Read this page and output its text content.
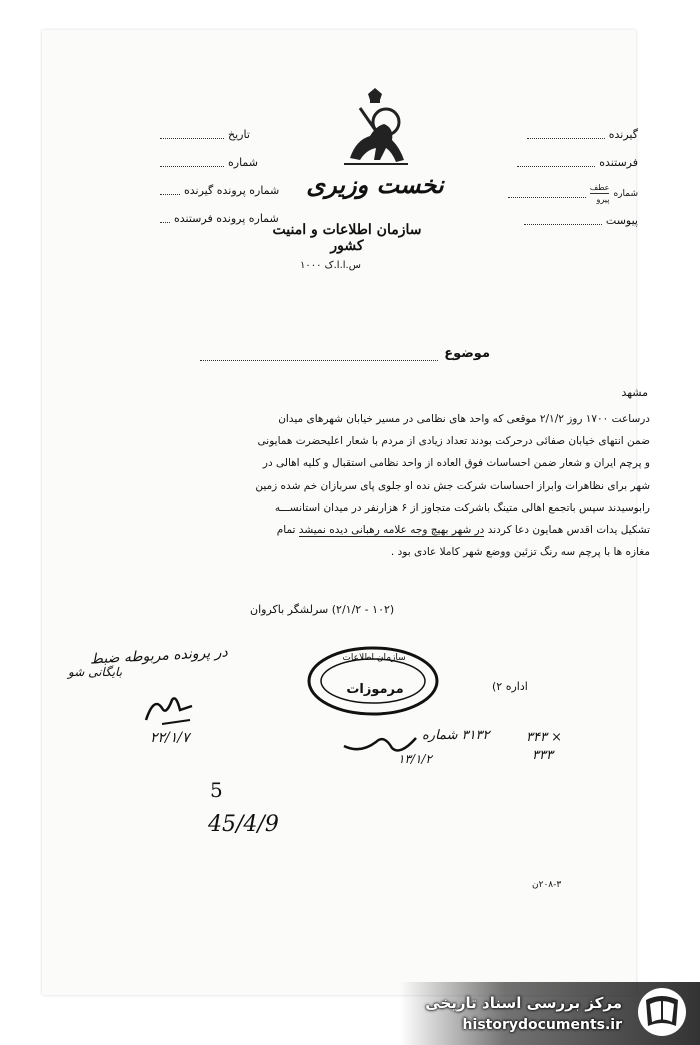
گیرنده
فرستنده
شماره
عطف
پیرو
پیوست
تاریخ
شماره
شماره پرونده گیرنده
شماره پرونده فرستنده
نخست وزیری
سازمان اطلاعات و امنیت کشور
س.ا.ا.ک ۱۰۰۰
موضوع
مشهد
درساعت ۱۷۰۰ روز ۲/۱/۲ موقعی که واحد های نظامی در مسیر خیابان شهرهای میدان
ضمن انتهای خیابان صفائی درحرکت بودند تعداد زیادی از مردم با شعار اعلیحضرت همایونی
و پرچم ایران و شعار ضمن احساسات فوق العاده از واحد نظامی استقبال و کلیه اهالی در
شهر برای نظاهرات وابراز احساسات شرکت جش نده او جلوی پای سربازان خم شده زمین
رابوسیدند سپس باتجمع اهالی متینگ باشرکت متجاوز از ۶ هزارنفر در میدان استانســـه
تشکیل یدات اقدس همایون دعا کردند در شهر بهیچ وجه علامه رهبانی دیده نمیشد تمام
مغازه ها با پرچم سه رنگ تزئین ووضع شهر کاملا عادی بود .
(۱۰۲ - ۲/۱/۲) سرلشگر باکروان
در پرونده مربوطه ضبط
بایگانی شو
اداره ۲)
۲۲/۱/۷
سازمان اطلاعات
مرموزات
۳۱۳۲ شماره
۱۳/۱/۲
۳۴۳ ×
۳۳۳
5
45/4/9
۲۰۸-۳ن
مرکز بررسی اسناد تاریخی
historydocuments.ir
